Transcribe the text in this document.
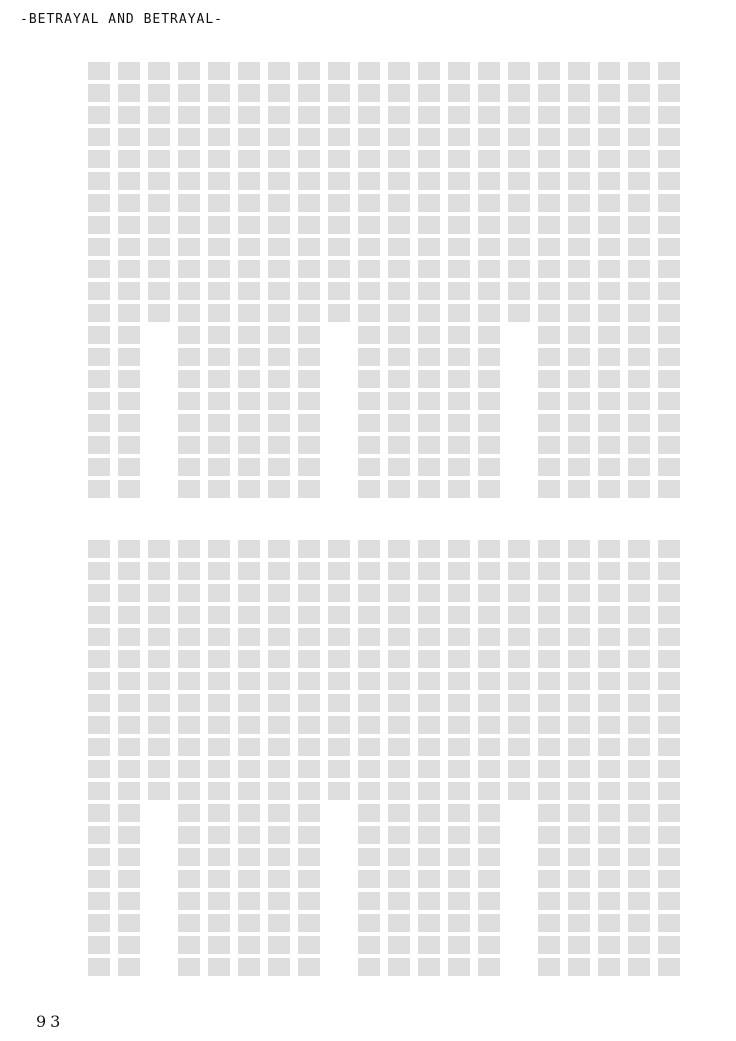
-BETRAYAL AND BETRAYAL-
93
